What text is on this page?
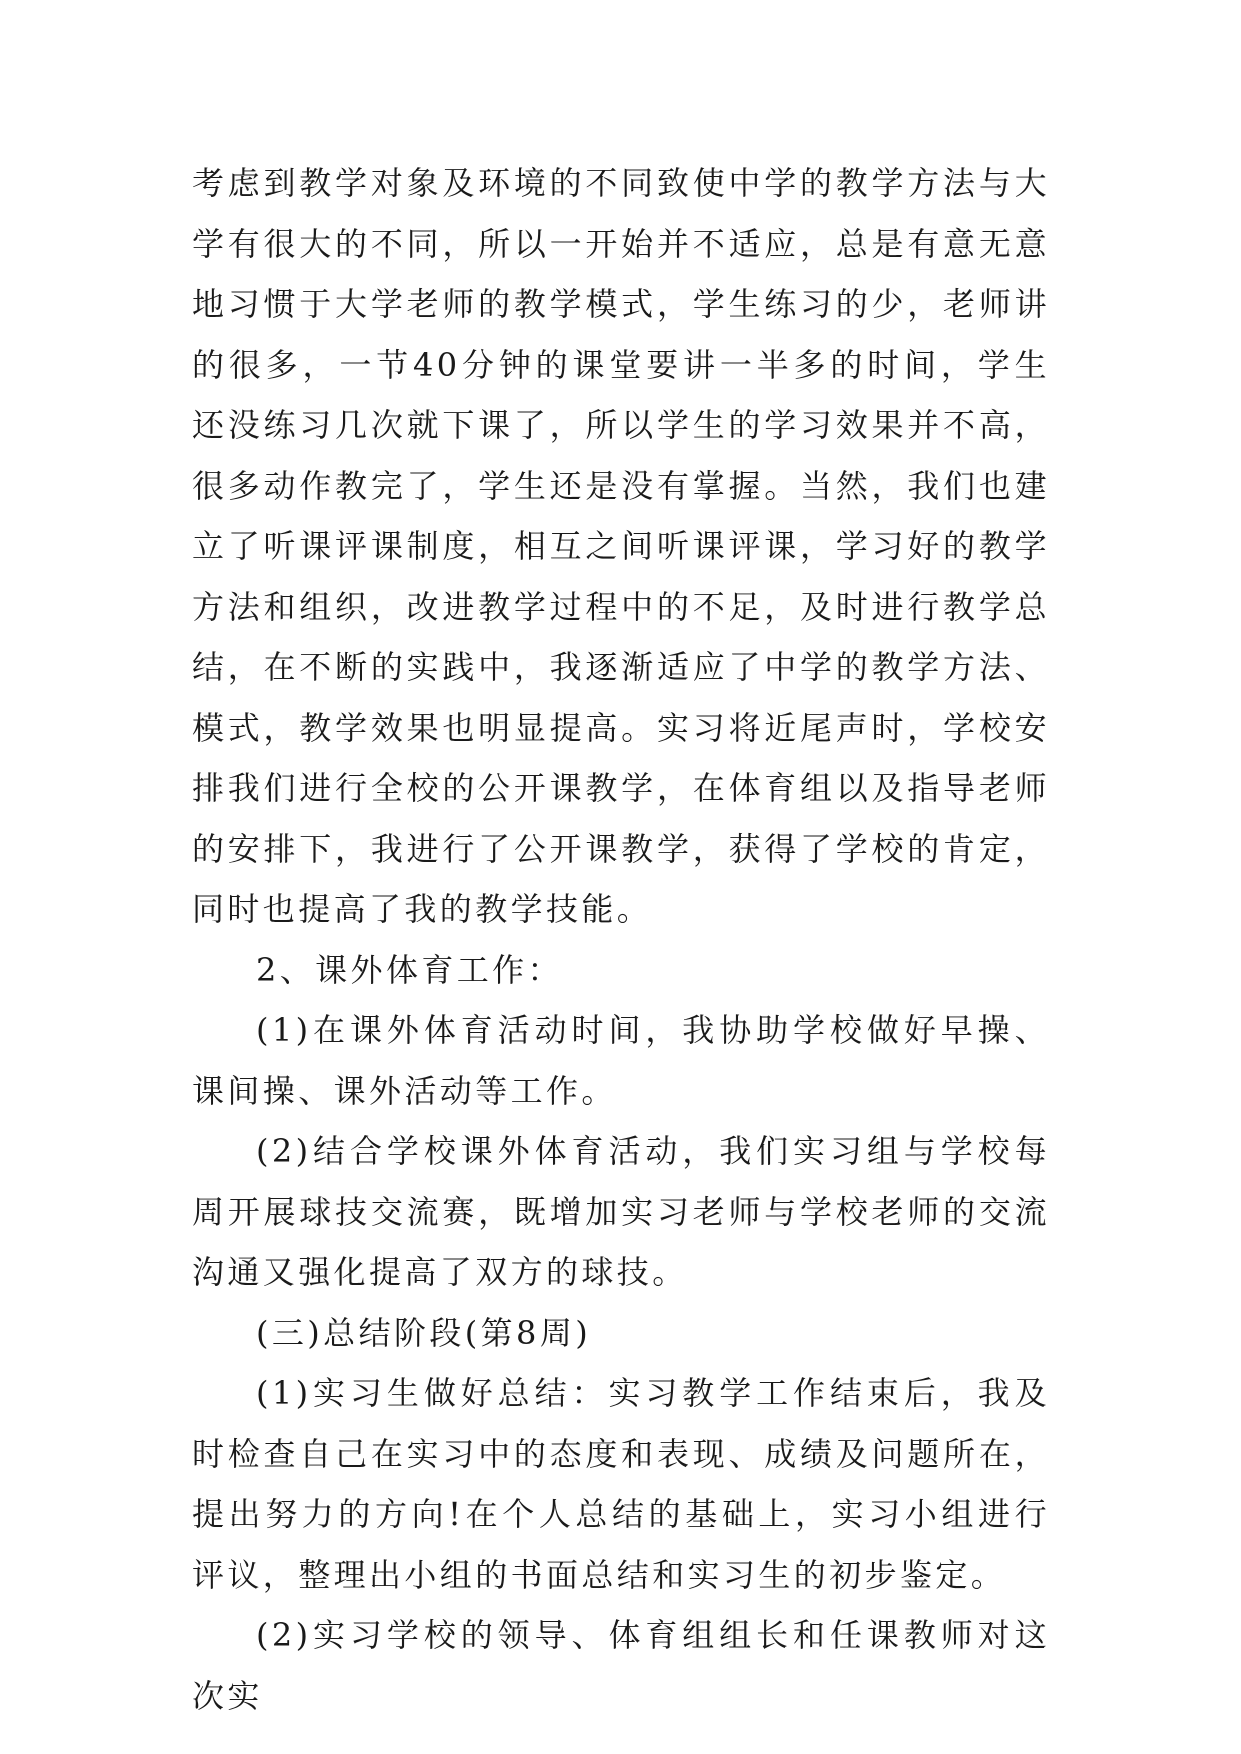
考虑到教学对象及环境的不同致使中学的教学方法与大学有很大的不同，所以一开始并不适应，总是有意无意地习惯于大学老师的教学模式，学生练习的少，老师讲的很多，一节40分钟的课堂要讲一半多的时间，学生还没练习几次就下课了，所以学生的学习效果并不高，很多动作教完了，学生还是没有掌握。当然，我们也建立了听课评课制度，相互之间听课评课，学习好的教学方法和组织，改进教学过程中的不足，及时进行教学总结，在不断的实践中，我逐渐适应了中学的教学方法、模式，教学效果也明显提高。实习将近尾声时，学校安排我们进行全校的公开课教学，在体育组以及指导老师的安排下，我进行了公开课教学，获得了学校的肯定，同时也提高了我的教学技能。

2、课外体育工作：

(1)在课外体育活动时间，我协助学校做好早操、课间操、课外活动等工作。

(2)结合学校课外体育活动，我们实习组与学校每周开展球技交流赛，既增加实习老师与学校老师的交流沟通又强化提高了双方的球技。

(三)总结阶段(第8周)

(1)实习生做好总结：实习教学工作结束后，我及时检查自己在实习中的态度和表现、成绩及问题所在，提出努力的方向!在个人总结的基础上，实习小组进行评议，整理出小组的书面总结和实习生的初步鉴定。

(2)实习学校的领导、体育组组长和任课教师对这次实
